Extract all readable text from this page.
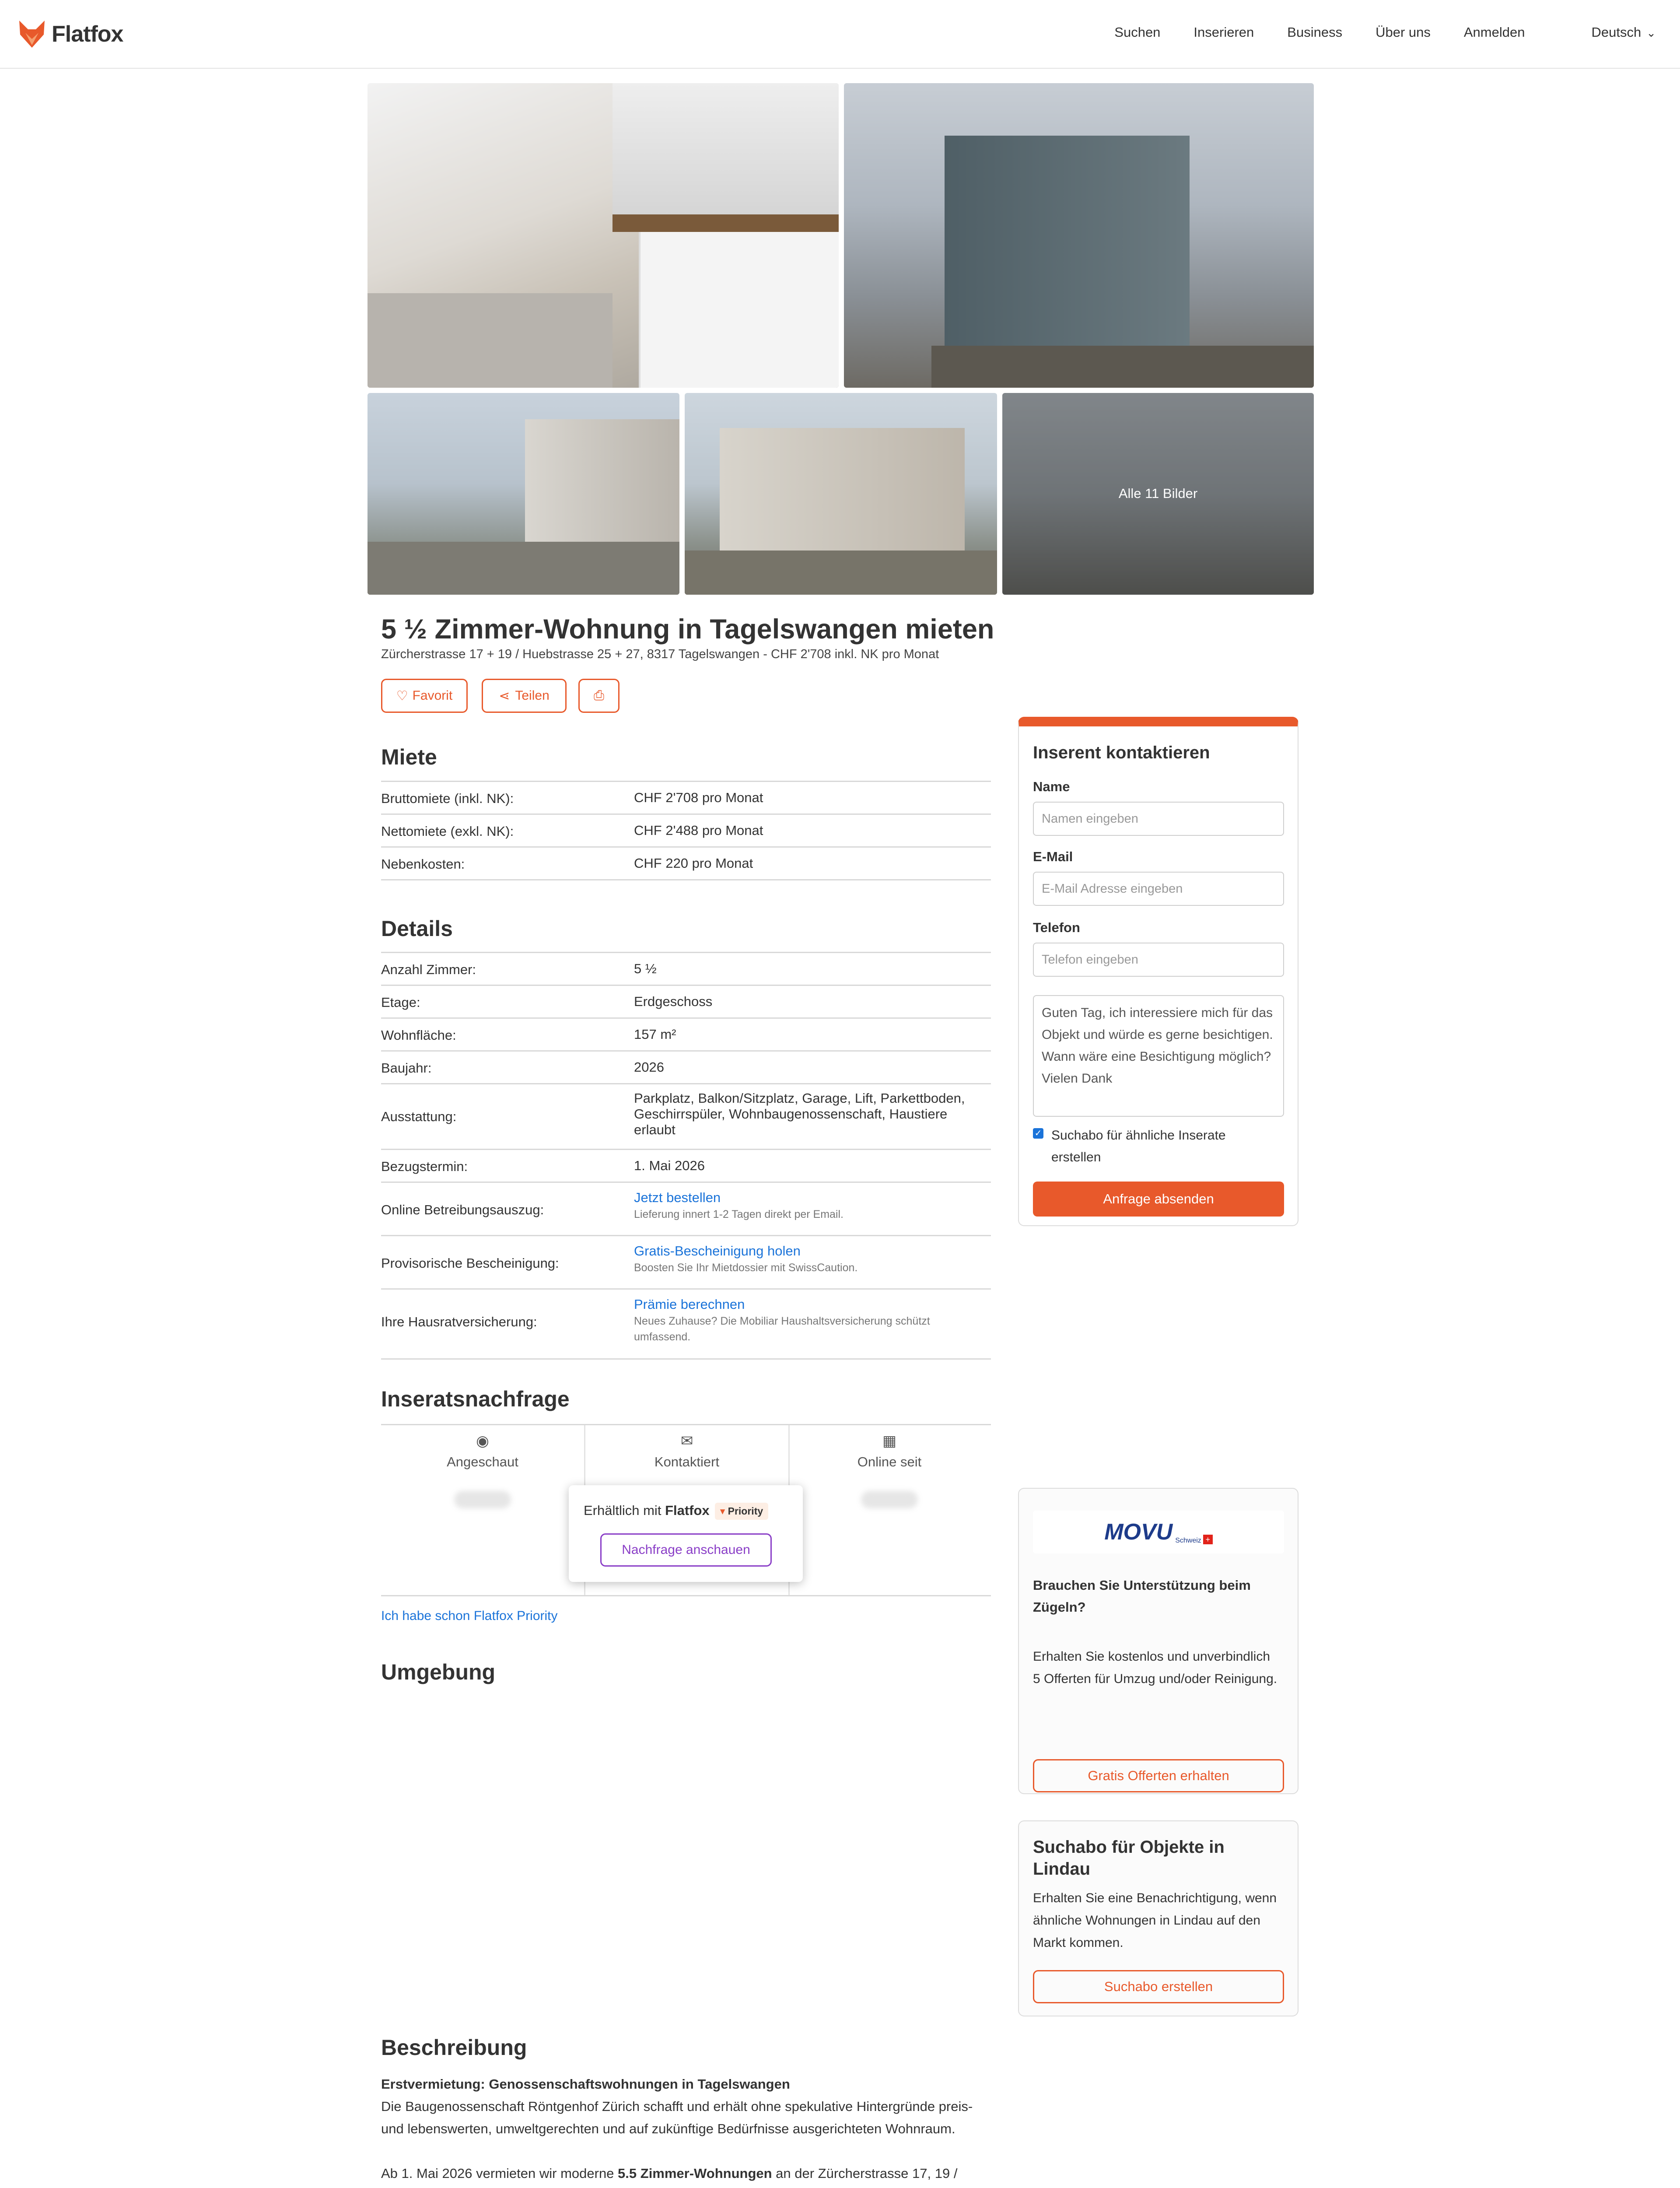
Flatfox	Suchen Inserieren Business Über uns Anmelden	Deutsch ⌄
Alle 11 Bilder
5 ½ Zimmer-Wohnung in Tagelswangen mieten
Zürcherstrasse 17 + 19 / Huebstrasse 25 + 27, 8317 Tagelswangen - CHF 2'708 inkl. NK pro Monat
♡ Favorit	⋖ Teilen	⎙
Miete
Bruttomiete (inkl. NK):	CHF 2'708 pro Monat
Nettomiete (exkl. NK):	CHF 2'488 pro Monat
Nebenkosten:	CHF 220 pro Monat
Details
Anzahl Zimmer:	5 ½
Etage:	Erdgeschoss
Wohnfläche:	157 m²
Baujahr:	2026
Ausstattung:
Parkplatz, Balkon/Sitzplatz, Garage, Lift, Parkettboden, Geschirrspüler, Wohnbaugenossenschaft, Haustiere erlaubt
Bezugstermin:	1. Mai 2026
Online Betreibungsauszug:
Jetzt bestellen
Lieferung innert 1-2 Tagen direkt per Email.
Provisorische Bescheinigung:
Gratis-Bescheinigung holen
Boosten Sie Ihr Mietdossier mit SwissCaution.
Ihre Hausratversicherung:
Prämie berechnen
Neues Zuhause? Die Mobiliar Haushaltsversicherung schützt umfassend.
Inserent kontaktieren
Name
Namen eingeben
E-Mail
E-Mail Adresse eingeben
Telefon
Telefon eingeben
Guten Tag, ich interessiere mich für das Objekt und würde es gerne besichtigen. Wann wäre eine Besichtigung möglich? Vielen Dank
✓ Suchabo für ähnliche Inserate erstellen
Anfrage absenden
Inseratsnachfrage
◉
Angeschaut
✉
Kontaktiert
▦
Online seit
Erhältlich mit Flatfox ▾ Priority
Nachfrage anschauen
Ich habe schon Flatfox Priority
MOVU Schweiz +
Brauchen Sie Unterstützung beim Zügeln?
Erhalten Sie kostenlos und unverbindlich 5 Offerten für Umzug und/oder Reinigung.
Gratis Offerten erhalten
Suchabo für Objekte in Lindau
Erhalten Sie eine Benachrichtigung, wenn ähnliche Wohnungen in Lindau auf den Markt kommen.
Suchabo erstellen
Umgebung
Beschreibung

Erstvermietung: Genossenschaftswohnungen in Tagelswangen
Die Baugenossenschaft Röntgenhof Zürich schafft und erhält ohne spekulative Hintergründe preis- und lebenswerten, umweltgerechten und auf zukünftige Bedürfnisse ausgerichteten Wohnraum.

Ab 1. Mai 2026 vermieten wir moderne 5.5 Zimmer-Wohnungen an der Zürcherstrasse 17, 19 /
